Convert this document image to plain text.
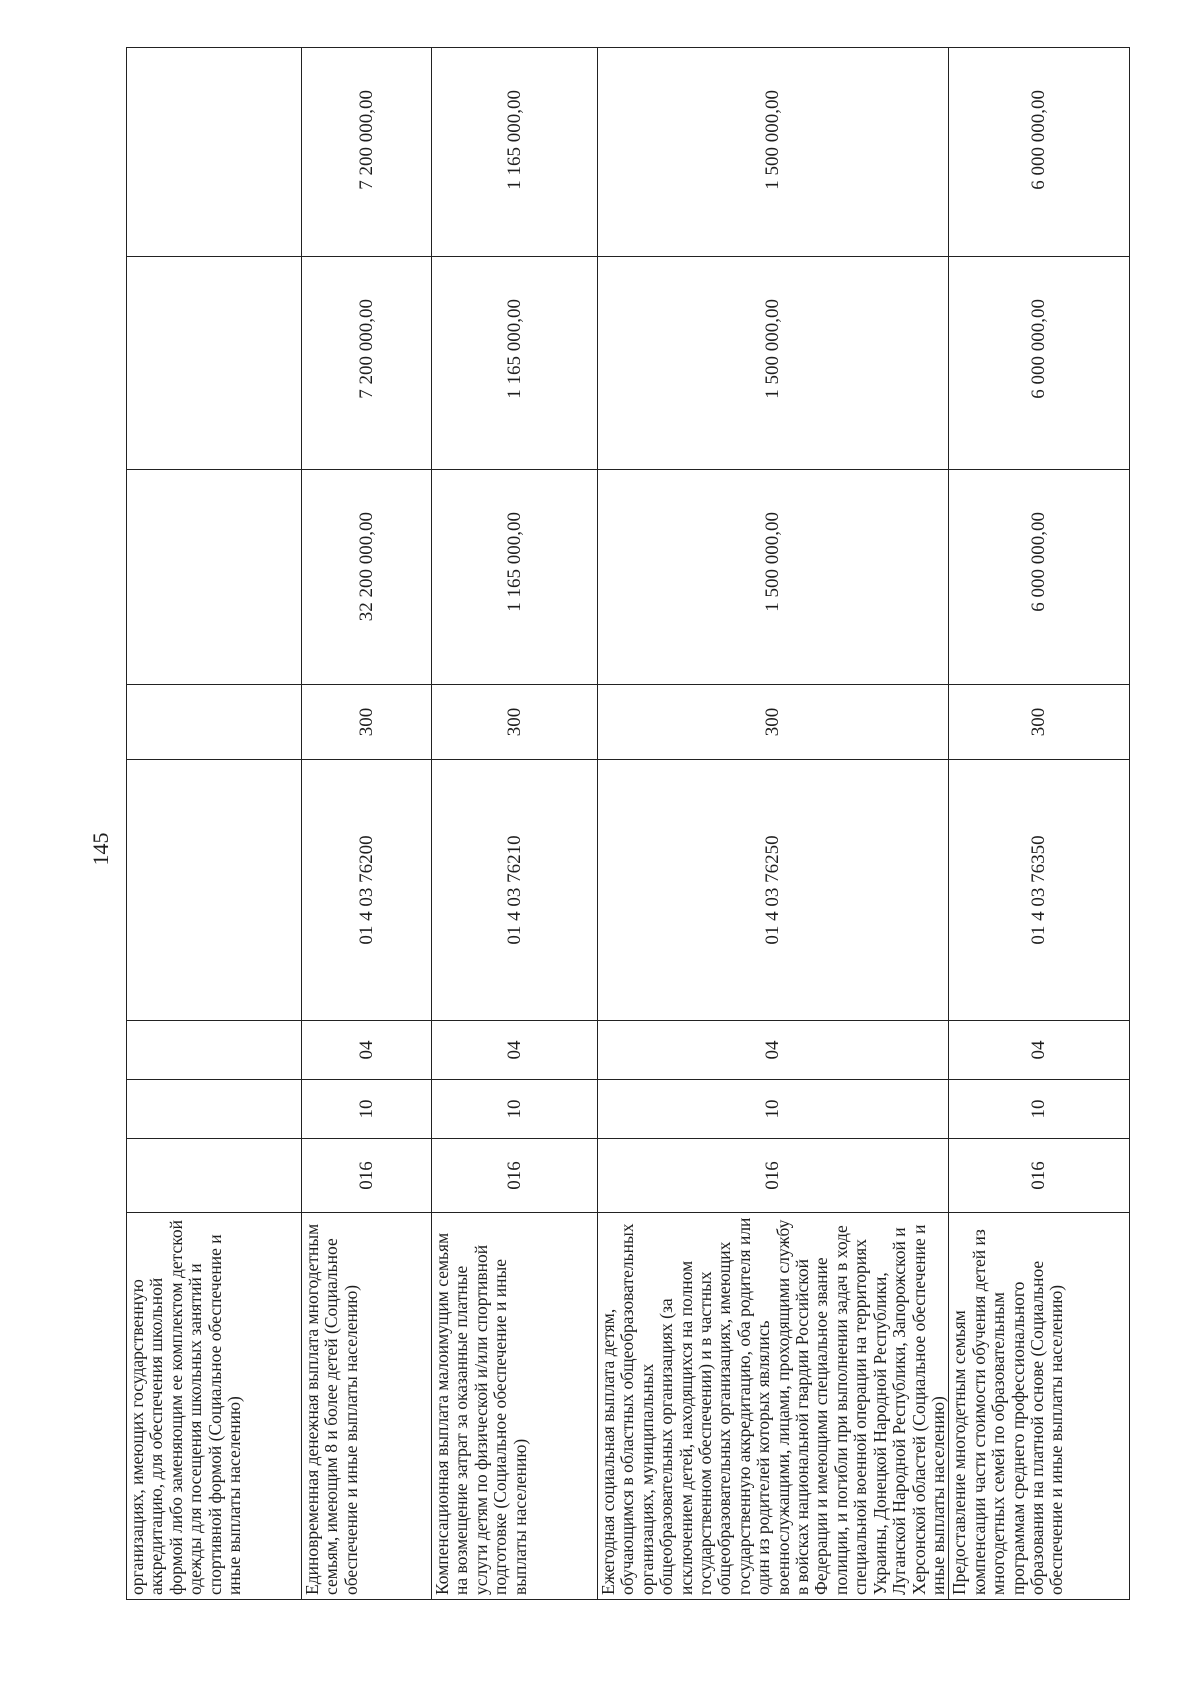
145
организациях, имеющих государственную аккредитацию, для обеспечения школьной формой либо заменяющим ее комплектом детской одежды для посещения школьных занятий и спортивной формой (Социальное обеспечение и иные выплаты населению)								
Единовременная денежная выплата многодетным семьям, имеющим 8 и более детей (Социальное обеспечение и иные выплаты населению)	016	10	04	01 4 03 76200	300	32 200 000,00	7 200 000,00	7 200 000,00
Компенсационная выплата малоимущим семьям на возмещение затрат за оказанные платные услуги детям по физической и/или спортивной подготовке (Социальное обеспечение и иные выплаты населению)	016	10	04	01 4 03 76210	300	1 165 000,00	1 165 000,00	1 165 000,00
Ежегодная социальная выплата детям, обучающимся в областных общеобразовательных организациях, муниципальных общеобразовательных организациях (за исключением детей, находящихся на полном государственном обеспечении) и в частных общеобразовательных организациях, имеющих государственную аккредитацию, оба родителя или один из родителей которых являлись военнослужащими, лицами, проходящими службу в войсках национальной гвардии Российской Федерации и имеющими специальное звание полиции, и погибли при выполнении задач в ходе специальной военной операции на территориях Украины, Донецкой Народной Республики, Луганской Народной Республики, Запорожской и Херсонской областей (Социальное обеспечение и иные выплаты населению)	016	10	04	01 4 03 76250	300	1 500 000,00	1 500 000,00	1 500 000,00
Предоставление многодетным семьям компенсации части стоимости обучения детей из многодетных семей по образовательным программам среднего профессионального образования на платной основе (Социальное обеспечение и иные выплаты населению)	016	10	04	01 4 03 76350	300	6 000 000,00	6 000 000,00	6 000 000,00
